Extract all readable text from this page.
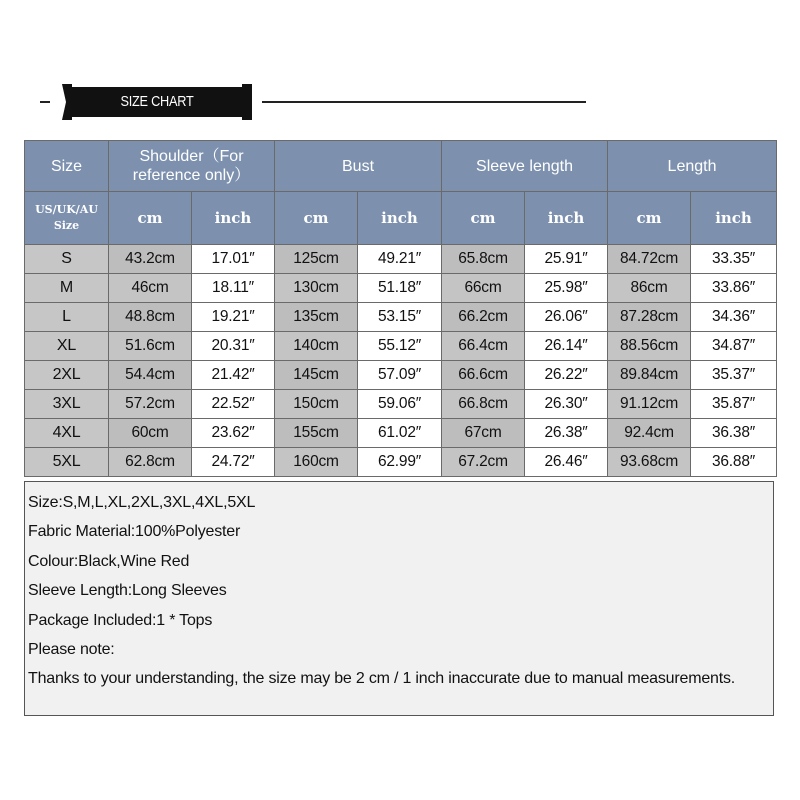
SIZE CHART
Size	Shoulder（For reference only）		Bust		Sleeve length		Length	
US/UK/AU
Size	cm	inch	cm	inch	cm	inch	cm	inch
S	43.2cm	17.01″	125cm	49.21″	65.8cm	25.91″	84.72cm	33.35″
M	46cm	18.11″	130cm	51.18″	66cm	25.98″	86cm	33.86″
L	48.8cm	19.21″	135cm	53.15″	66.2cm	26.06″	87.28cm	34.36″
XL	51.6cm	20.31″	140cm	55.12″	66.4cm	26.14″	88.56cm	34.87″
2XL	54.4cm	21.42″	145cm	57.09″	66.6cm	26.22″	89.84cm	35.37″
3XL	57.2cm	22.52″	150cm	59.06″	66.8cm	26.30″	91.12cm	35.87″
4XL	60cm	23.62″	155cm	61.02″	67cm	26.38″	92.4cm	36.38″
5XL	62.8cm	24.72″	160cm	62.99″	67.2cm	26.46″	93.68cm	36.88″
Size:S,M,L,XL,2XL,3XL,4XL,5XL
Fabric Material:100%Polyester
Colour:Black,Wine Red
Sleeve Length:Long Sleeves
Package Included:1 * Tops
Please note:
Thanks to your understanding, the size may be 2 cm / 1 inch inaccurate due to manual measurements.
